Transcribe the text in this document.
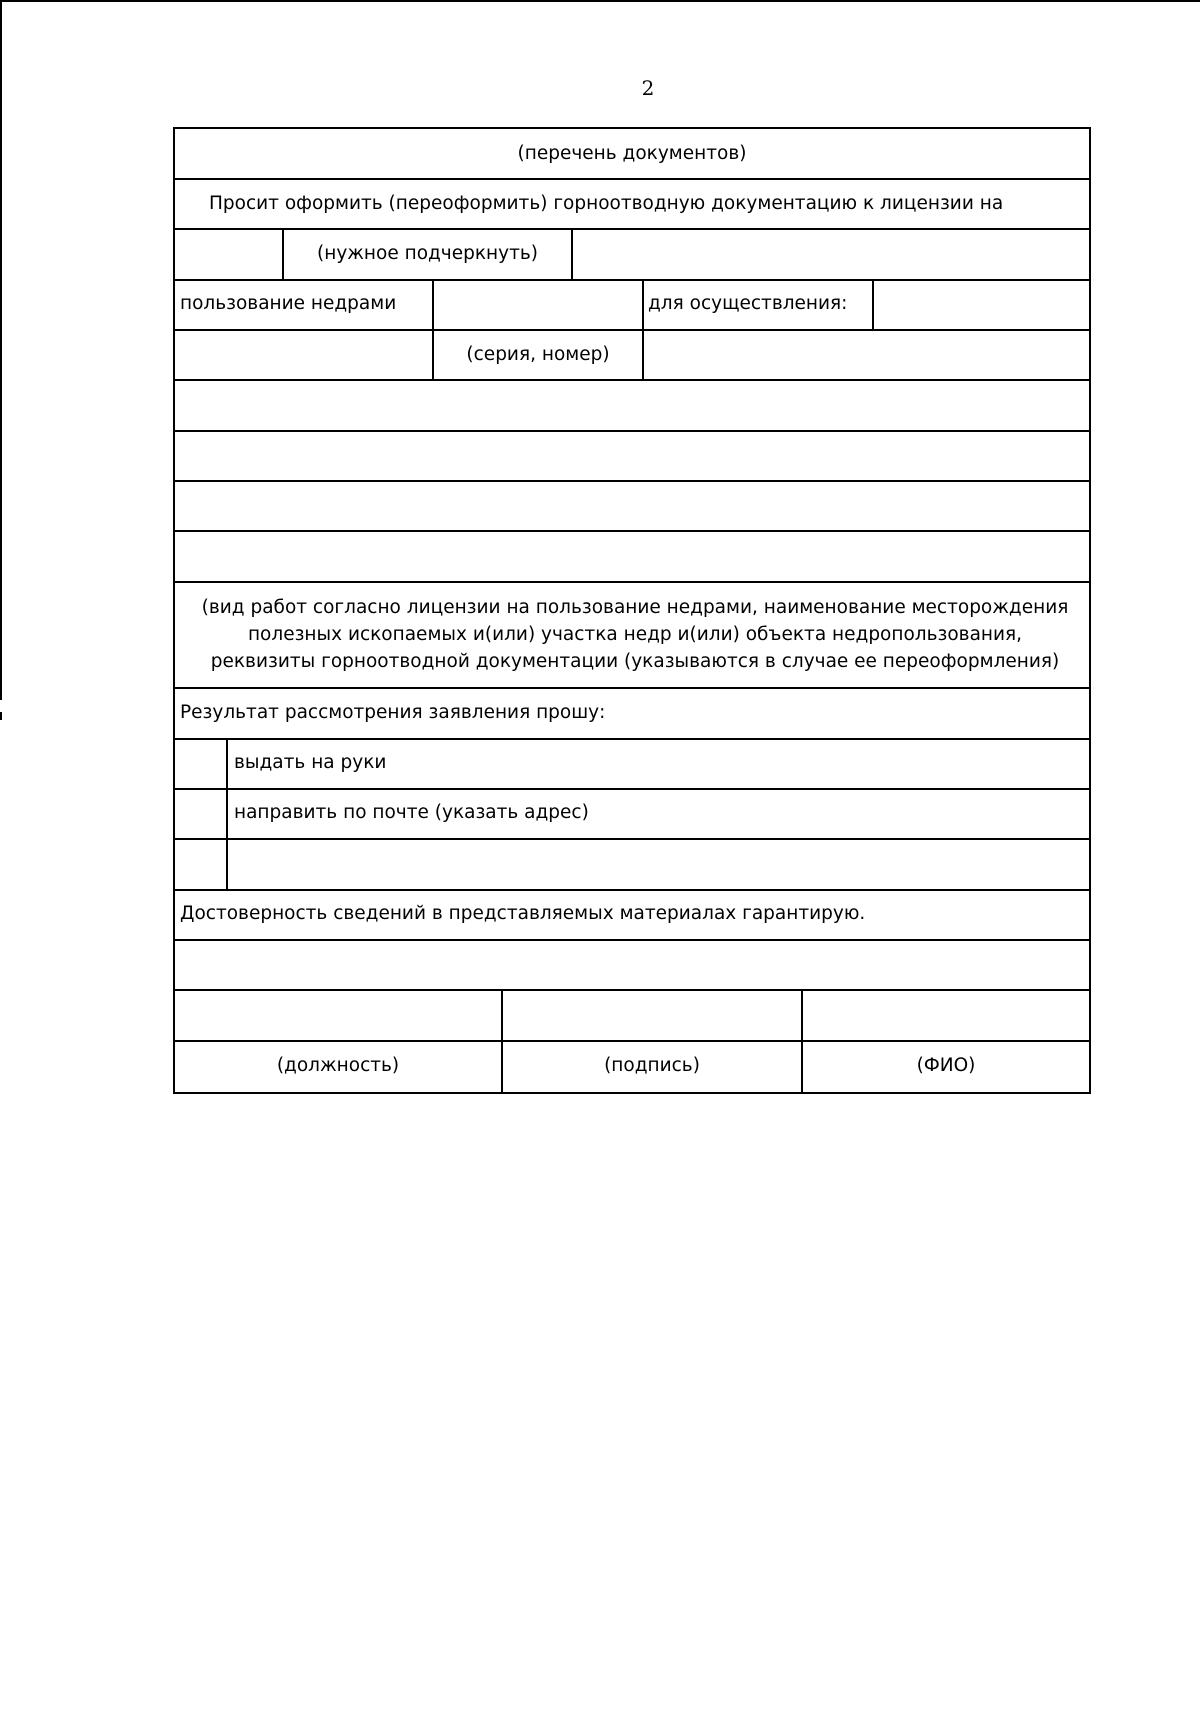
2
(перечень документов)
Просит оформить (переоформить) горноотводную документацию к лицензии на
(нужное подчеркнуть)
пользование недрами	для осуществления:
(серия, номер)
(вид работ согласно лицензии на пользование недрами, наименование месторождения полезных ископаемых и(или) участка недр и(или) объекта недропользования, реквизиты горноотводной документации (указываются в случае ее переоформления)
Результат рассмотрения заявления прошу:
выдать на руки
направить по почте (указать адрес)
Достоверность сведений в представляемых материалах гарантирую.
(должность)	(подпись)	(ФИО)
